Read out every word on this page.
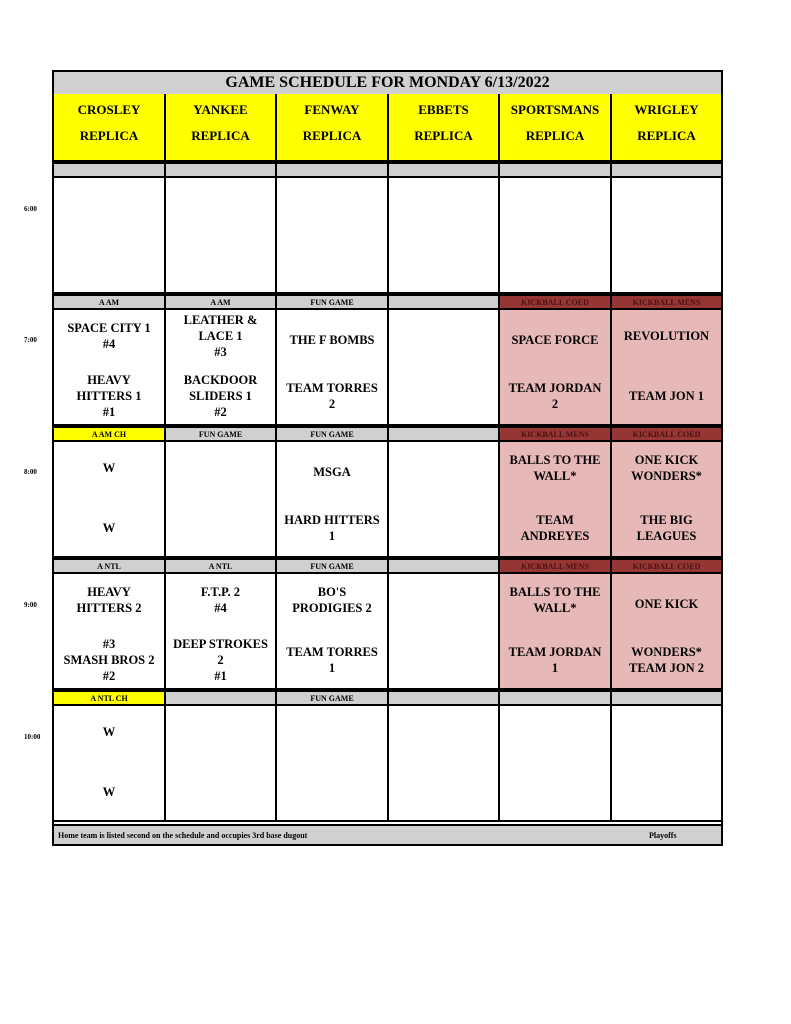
GAME SCHEDULE FOR MONDAY 6/13/2022
CROSLEY
REPLICA
YANKEE
REPLICA
FENWAY
REPLICA
EBBETS
REPLICA
SPORTSMANS
REPLICA
WRIGLEY
REPLICA
A AM
SPACE CITY 1
#4
HEAVY
HITTERS 1
#1
A AM
LEATHER &
LACE 1
#3
BACKDOOR
SLIDERS 1
#2
FUN GAME
THE F BOMBS
TEAM TORRES
2
KICKBALL COED
SPACE FORCE
TEAM JORDAN
2
KICKBALL MENS
REVOLUTION
TEAM JON 1
A AM CH
W
W
FUN GAME	FUN GAME
MSGA
HARD HITTERS
1
KICKBALL MENS
BALLS TO THE
WALL*
TEAM
ANDREYES
KICKBALL COED
ONE KICK
WONDERS*
THE BIG
LEAGUES
A NTL
HEAVY
HITTERS 2
#3
SMASH BROS 2
#2
A NTL
F.T.P. 2
#4
DEEP STROKES
2
#1
FUN GAME
BO'S
PRODIGIES 2
TEAM TORRES
1
KICKBALL MENS
BALLS TO THE
WALL*
TEAM JORDAN
1
KICKBALL COED
ONE KICK
WONDERS*
TEAM JON 2
A NTL CH
W
W
FUN GAME
Home team is listed second on the schedule and occupies 3rd base dugout	Playoffs
6:00
7:00
8:00
9:00
10:00
